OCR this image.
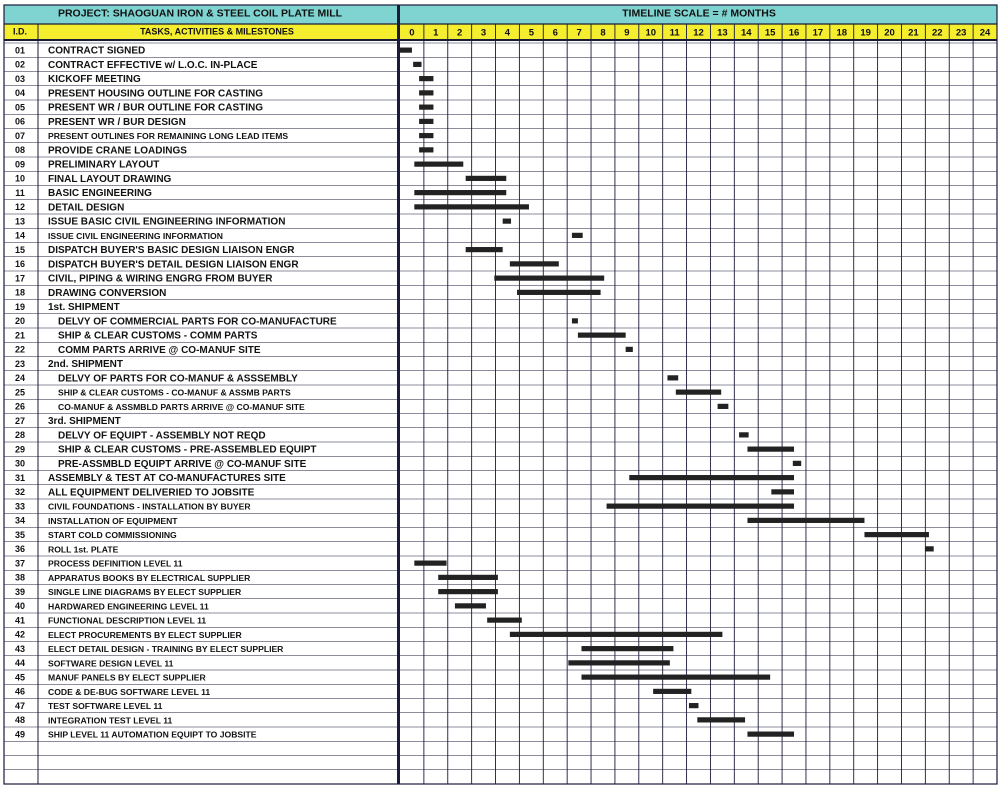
PROJECT: SHAOGUAN IRON & STEEL COIL PLATE MILL	TIMELINE SCALE = # MONTHS
I.D.	TASKS, ACTIVITIES & MILESTONES	0 1 2 3 4 5 6 7 8 9 10 11 12 13 14 15 16 17 18 19 20 21 22 23 24
01 CONTRACT SIGNED
02 CONTRACT EFFECTIVE w/ L.O.C. IN-PLACE
03 KICKOFF MEETING
04 PRESENT HOUSING OUTLINE FOR CASTING
05 PRESENT WR / BUR OUTLINE FOR CASTING
06 PRESENT WR / BUR DESIGN
07	PRESENT OUTLINES FOR REMAINING LONG LEAD ITEMS
08 PROVIDE CRANE LOADINGS
09 PRELIMINARY LAYOUT
10 FINAL LAYOUT DRAWING
11 BASIC ENGINEERING
12 DETAIL DESIGN
13 ISSUE BASIC CIVIL ENGINEERING INFORMATION
14	ISSUE CIVIL ENGINEERING INFORMATION
15 DISPATCH BUYER'S BASIC DESIGN LIAISON ENGR
16 DISPATCH BUYER'S DETAIL DESIGN LIAISON ENGR
17 CIVIL, PIPING & WIRING ENGRG FROM BUYER
18 DRAWING CONVERSION
19 1st. SHIPMENT
20	DELVY OF COMMERCIAL PARTS FOR CO-MANUFACTURE
21	SHIP & CLEAR CUSTOMS - COMM PARTS
22	COMM PARTS ARRIVE @ CO-MANUF SITE
23 2nd. SHIPMENT
24	DELVY OF PARTS FOR CO-MANUF & ASSSEMBLY
25	SHIP & CLEAR CUSTOMS - CO-MANUF & ASSMB PARTS
26	CO-MANUF & ASSMBLD PARTS ARRIVE @ CO-MANUF SITE
27 3rd. SHIPMENT
28	DELVY OF EQUIPT - ASSEMBLY NOT REQD
29	SHIP & CLEAR CUSTOMS - PRE-ASSEMBLED EQUIPT
30	PRE-ASSMBLD EQUIPT ARRIVE @ CO-MANUF SITE
31 ASSEMBLY & TEST AT CO-MANUFACTURES SITE
32 ALL EQUIPMENT DELIVERIED TO JOBSITE
33	CIVIL FOUNDATIONS - INSTALLATION BY BUYER
34	INSTALLATION OF EQUIPMENT
35	START COLD COMMISSIONING
36	ROLL 1st. PLATE
37	PROCESS DEFINITION LEVEL 11
38	APPARATUS BOOKS BY ELECTRICAL SUPPLIER
39	SINGLE LINE DIAGRAMS BY ELECT SUPPLIER
40	HARDWARED ENGINEERING LEVEL 11
41	FUNCTIONAL DESCRIPTION LEVEL 11
42	ELECT PROCUREMENTS BY ELECT SUPPLIER
43	ELECT DETAIL DESIGN - TRAINING BY ELECT SUPPLIER
44	SOFTWARE DESIGN LEVEL 11
45	MANUF PANELS BY ELECT SUPPLIER
46	CODE & DE-BUG SOFTWARE LEVEL 11
47	TEST SOFTWARE LEVEL 11
48	INTEGRATION TEST LEVEL 11
49	SHIP LEVEL 11 AUTOMATION EQUIPT TO JOBSITE
